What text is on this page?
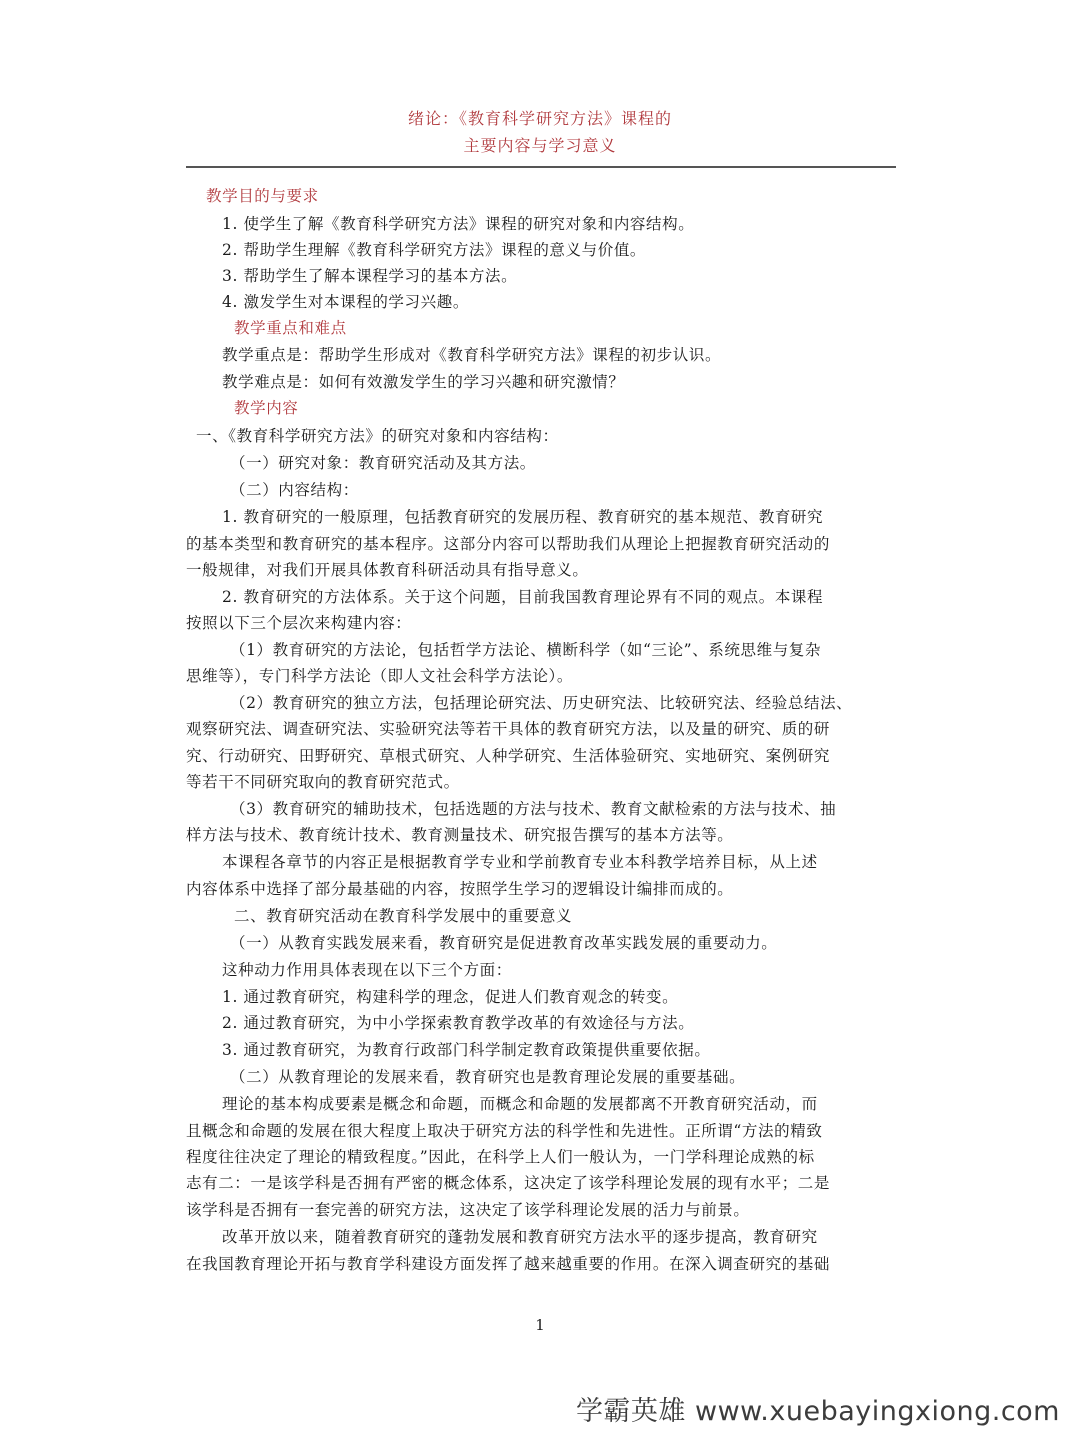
绪论：《教育科学研究方法》课程的
主要内容与学习意义
教学目的与要求
1. 使学生了解《教育科学研究方法》课程的研究对象和内容结构。
2. 帮助学生理解《教育科学研究方法》课程的意义与价值。
3. 帮助学生了解本课程学习的基本方法。
4. 激发学生对本课程的学习兴趣。
教学重点和难点
教学重点是：帮助学生形成对《教育科学研究方法》课程的初步认识。
教学难点是：如何有效激发学生的学习兴趣和研究激情？
教学内容
一、《教育科学研究方法》的研究对象和内容结构：
（一）研究对象：教育研究活动及其方法。
（二）内容结构：
1. 教育研究的一般原理，包括教育研究的发展历程、教育研究的基本规范、教育研究
的基本类型和教育研究的基本程序。这部分内容可以帮助我们从理论上把握教育研究活动的
一般规律，对我们开展具体教育科研活动具有指导意义。
2. 教育研究的方法体系。关于这个问题，目前我国教育理论界有不同的观点。本课程
按照以下三个层次来构建内容：
（1）教育研究的方法论，包括哲学方法论、横断科学（如“三论”、系统思维与复杂
思维等），专门科学方法论（即人文社会科学方法论）。
（2）教育研究的独立方法，包括理论研究法、历史研究法、比较研究法、经验总结法、
观察研究法、调查研究法、实验研究法等若干具体的教育研究方法，以及量的研究、质的研
究、行动研究、田野研究、草根式研究、人种学研究、生活体验研究、实地研究、案例研究
等若干不同研究取向的教育研究范式。
（3）教育研究的辅助技术，包括选题的方法与技术、教育文献检索的方法与技术、抽
样方法与技术、教育统计技术、教育测量技术、研究报告撰写的基本方法等。
本课程各章节的内容正是根据教育学专业和学前教育专业本科教学培养目标，从上述
内容体系中选择了部分最基础的内容，按照学生学习的逻辑设计编排而成的。
二、教育研究活动在教育科学发展中的重要意义
（一）从教育实践发展来看，教育研究是促进教育改革实践发展的重要动力。
这种动力作用具体表现在以下三个方面：
1. 通过教育研究，构建科学的理念，促进人们教育观念的转变。
2. 通过教育研究，为中小学探索教育教学改革的有效途径与方法。
3. 通过教育研究，为教育行政部门科学制定教育政策提供重要依据。
（二）从教育理论的发展来看，教育研究也是教育理论发展的重要基础。
理论的基本构成要素是概念和命题，而概念和命题的发展都离不开教育研究活动，而
且概念和命题的发展在很大程度上取决于研究方法的科学性和先进性。正所谓“方法的精致
程度往往决定了理论的精致程度。”因此，在科学上人们一般认为，一门学科理论成熟的标
志有二：一是该学科是否拥有严密的概念体系，这决定了该学科理论发展的现有水平；二是
该学科是否拥有一套完善的研究方法，这决定了该学科理论发展的活力与前景。
改革开放以来，随着教育研究的蓬勃发展和教育研究方法水平的逐步提高，教育研究
在我国教育理论开拓与教育学科建设方面发挥了越来越重要的作用。在深入调查研究的基础
1
学霸英雄 www.xuebayingxiong.com
